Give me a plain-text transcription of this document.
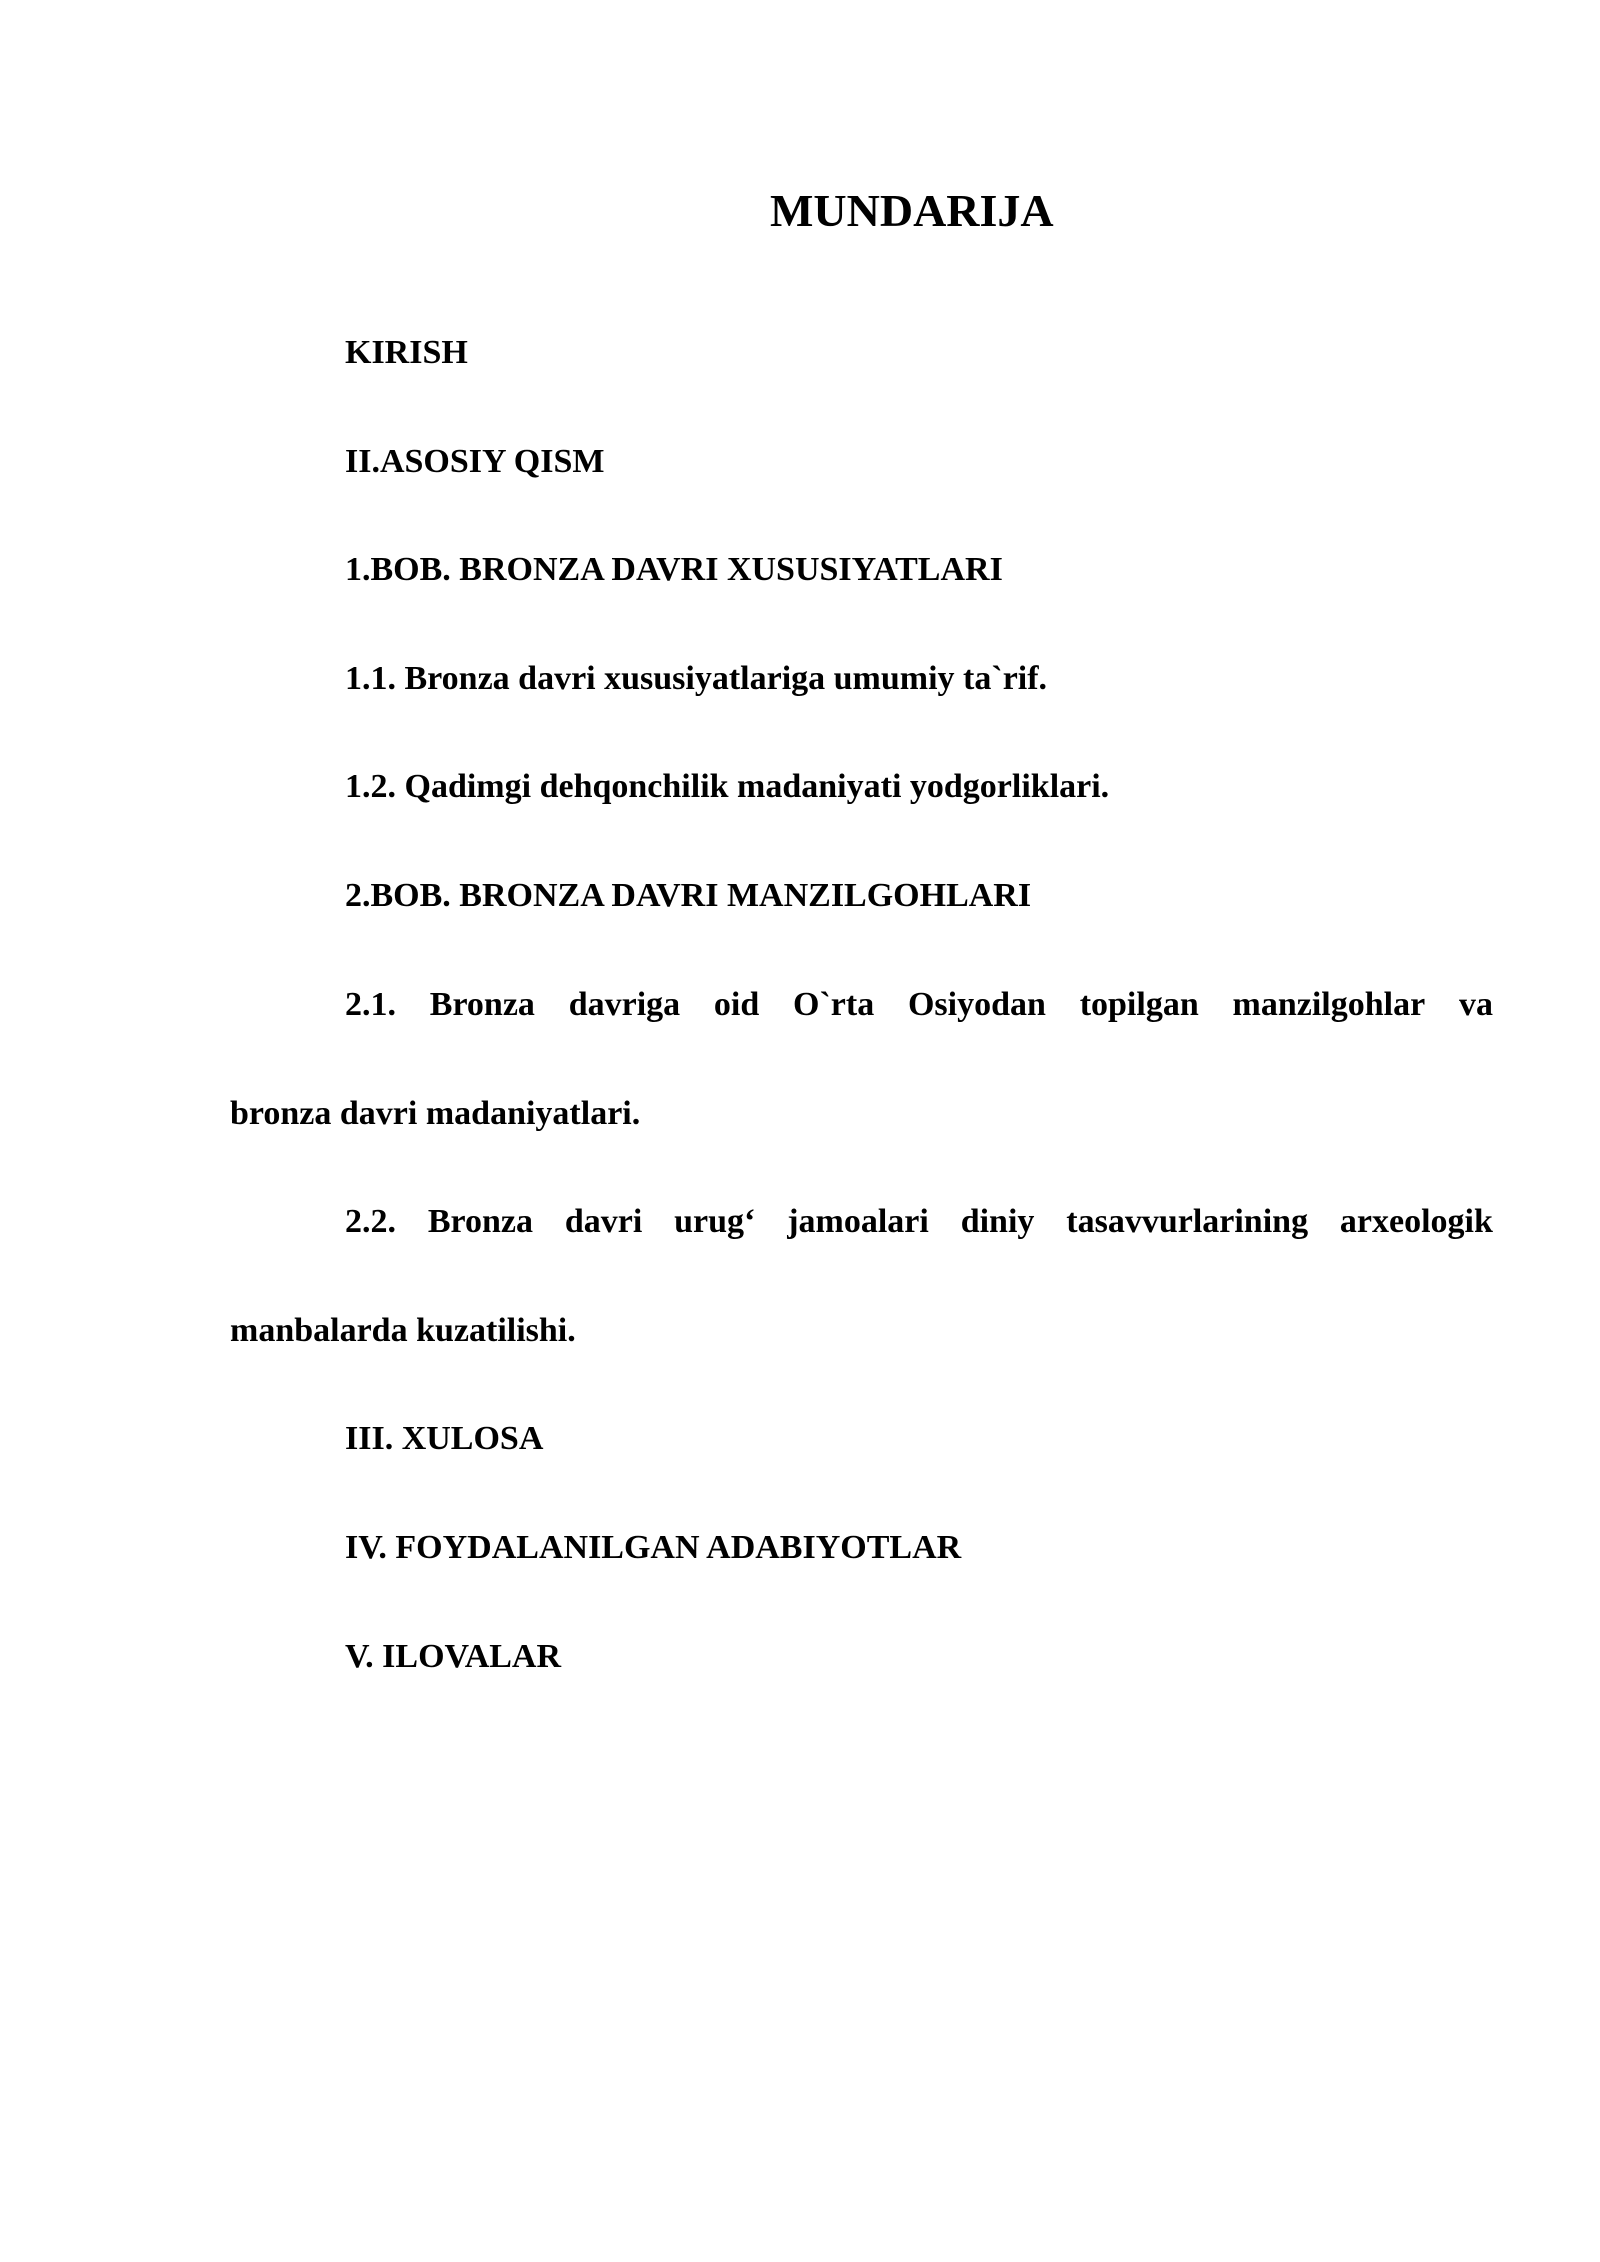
MUNDARIJA

KIRISH

II.ASOSIY QISM

1.BOB. BRONZA DAVRI XUSUSIYATLARI

1.1. Bronza davri xususiyatlariga umumiy ta`rif.

1.2. Qadimgi dehqonchilik madaniyati yodgorliklari.

2.BOB. BRONZA DAVRI MANZILGOHLARI

2.1. Bronza davriga oid O`rta Osiyodan topilgan manzilgohlar va

bronza davri madaniyatlari.

2.2. Bronza davri urug‘ jamoalari diniy tasavvurlarining arxeologik

manbalarda kuzatilishi.

III. XULOSA

IV. FOYDALANILGAN ADABIYOTLAR

V. ILOVALAR
